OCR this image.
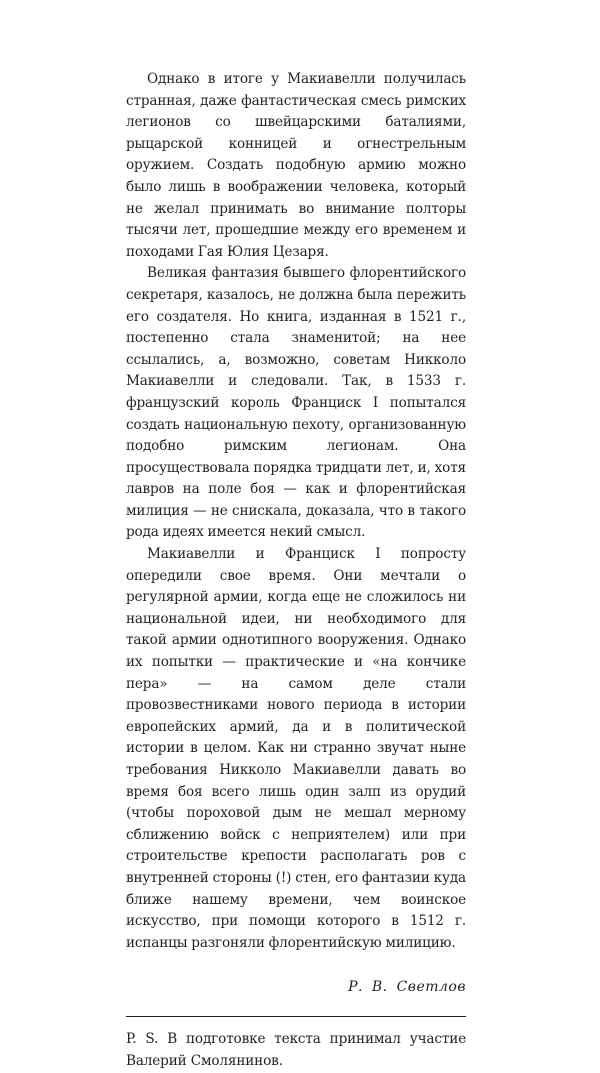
Однако в итоге у Макиавелли получилась странная, даже фантастическая смесь римских легионов со швейцарскими баталиями, рыцарской конницей и огнестрельным оружием. Создать подобную армию можно было лишь в воображении человека, который не желал принимать во внимание полторы тысячи лет, прошедшие между его временем и походами Гая Юлия Цезаря.

Великая фантазия бывшего флорентийского секретаря, казалось, не должна была пережить его создателя. Но книга, изданная в 1521 г., постепенно стала знаменитой; на нее ссылались, а, возможно, советам Никколо Макиавелли и следовали. Так, в 1533 г. французский король Франциск I попытался создать национальную пехоту, организованную подобно римским легионам. Она просуществовала порядка тридцати лет, и, хотя лавров на поле боя — как и флорентийская милиция — не снискала, доказала, что в такого рода идеях имеется некий смысл.

Макиавелли и Франциск I попросту опередили свое время. Они мечтали о регулярной армии, когда еще не сложилось ни национальной идеи, ни необходимого для такой армии однотипного вооружения. Однако их попытки — практические и «на кончике пера» — на самом деле стали провозвестниками нового периода в истории европейских армий, да и в политической истории в целом. Как ни странно звучат ныне требования Никколо Макиавелли давать во время боя всего лишь один залп из орудий (чтобы пороховой дым не мешал мерному сближению войск с неприятелем) или при строительстве крепости располагать ров с внутренней стороны (!) стен, его фантазии куда ближе нашему времени, чем воинское искусство, при помощи которого в 1512 г. испанцы разгоняли флорентийскую милицию.

Р. В. Светлов

P. S. В подготовке текста принимал участие Валерий Смолянинов.
